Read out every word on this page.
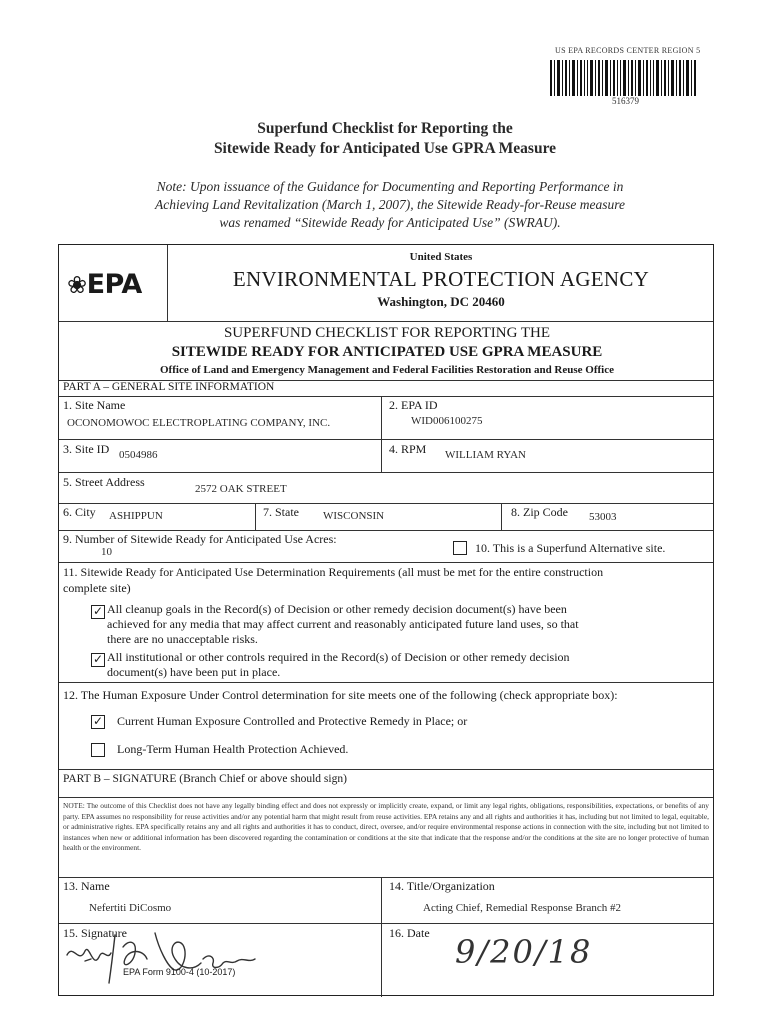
US EPA RECORDS CENTER REGION 5
516379
Superfund Checklist for Reporting the
Sitewide Ready for Anticipated Use GPRA Measure
Note: Upon issuance of the Guidance for Documenting and Reporting Performance in
Achieving Land Revitalization (March 1, 2007), the Sitewide Ready-for-Reuse measure
was renamed “Sitewide Ready for Anticipated Use” (SWRAU).
❀EPA
United States
ENVIRONMENTAL PROTECTION AGENCY
Washington, DC 20460
SUPERFUND CHECKLIST FOR REPORTING THE
SITEWIDE READY FOR ANTICIPATED USE GPRA MEASURE
Office of Land and Emergency Management and Federal Facilities Restoration and Reuse Office
PART A – GENERAL SITE INFORMATION
1. Site Name
OCONOMOWOC ELECTROPLATING COMPANY, INC.
2. EPA ID
WID006100275
3. Site ID 0504986	4. RPM WILLIAM RYAN
5. Street Address	2572 OAK STREET
6. City ASHIPPUN	7. State WISCONSIN	8. Zip Code 53003
9. Number of Sitewide Ready for Anticipated Use Acres:
10	10. This is a Superfund Alternative site.
11. Sitewide Ready for Anticipated Use Determination Requirements (all must be met for the entire construction
complete site)
✓ All cleanup goals in the Record(s) of Decision or other remedy decision document(s) have been
achieved for any media that may affect current and reasonably anticipated future land uses, so that
there are no unacceptable risks.
✓ All institutional or other controls required in the Record(s) of Decision or other remedy decision
document(s) have been put in place.
12. The Human Exposure Under Control determination for site meets one of the following (check appropriate box):
✓ Current Human Exposure Controlled and Protective Remedy in Place; or
Long-Term Human Health Protection Achieved.
PART B – SIGNATURE (Branch Chief or above should sign)
NOTE: The outcome of this Checklist does not have any legally binding effect and does not expressly or implicitly create, expand, or limit any legal rights, obligations, responsibilities, expectations, or benefits of any party. EPA assumes no responsibility for reuse activities and/or any potential harm that might result from reuse activities. EPA retains any and all rights and authorities it has, including but not limited to legal, equitable, or administrative rights. EPA specifically retains any and all rights and authorities it has to conduct, direct, oversee, and/or require environmental response actions in connection with the site, including but not limited to instances when new or additional information has been discovered regarding the contamination or conditions at the site that indicate that the response and/or the conditions at the site are no longer protective of human health or the environment.
13. Name
Nefertiti DiCosmo
14. Title/Organization
Acting Chief, Remedial Response Branch #2
15. Signature	16. Date 9/20/18
EPA Form 9100-4 (10-2017)
